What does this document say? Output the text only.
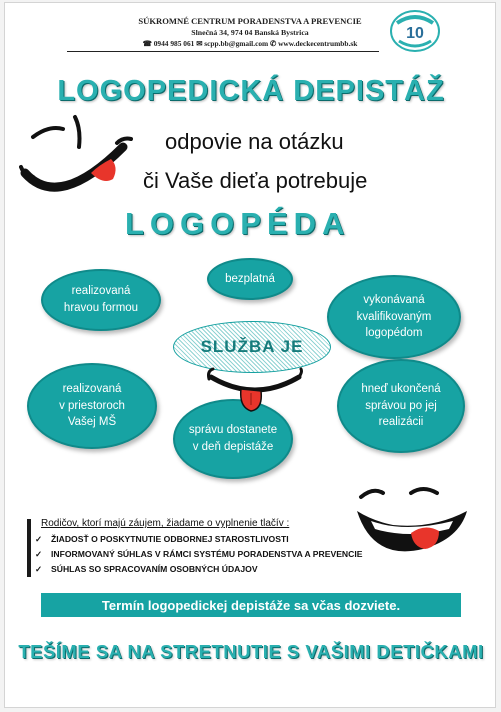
SÚKROMNÉ CENTRUM PORADENSTVA A PREVENCIE
Slnečná 34, 974 04 Banská Bystrica
☎ 0944 985 061 ✉ scpp.bb@gmail.com ✆ www.deckecentrumbb.sk
10
LOGOPEDICKÁ DEPISTÁŽ
odpovie na otázku
či Vaše dieťa potrebuje
LOGOPÉDA
realizovaná
hravou formou
bezplatná
vykonávaná
kvalifikovaným
logopédom
realizovaná
v priestoroch
Vašej MŠ
správu dostanete
v deň depistáže
hneď ukončená
správou po jej
realizácii
SLUŽBA JE
Rodičov, ktorí majú záujem, žiadame o vyplnenie tlačív :
✓ ŽIADOSŤ O POSKYTNUTIE ODBORNEJ STAROSTLIVOSTI
✓ INFORMOVANÝ SÚHLAS V RÁMCI SYSTÉMU PORADENSTVA A PREVENCIE
✓ SÚHLAS SO SPRACOVANÍM OSOBNÝCH ÚDAJOV
Termín logopedickej depistáže sa včas dozviete.
TEŠÍME SA NA STRETNUTIE S VAŠIMI DETIČKAMI
